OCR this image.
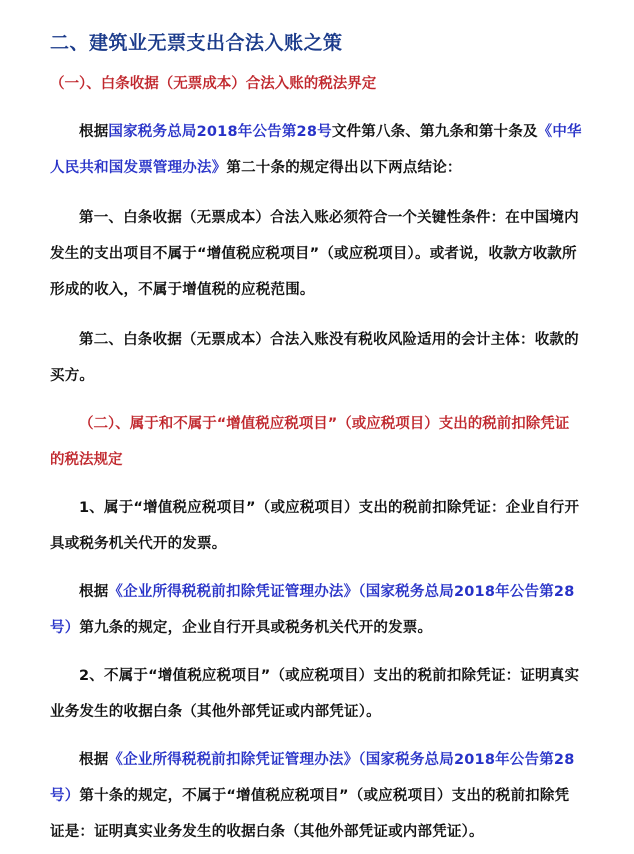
二、建筑业无票支出合法入账之策
（一）、白条收据（无票成本）合法入账的税法界定
根据国家税务总局2018年公告第28号文件第八条、第九条和第十条及《中华人民共和国发票管理办法》第二十条的规定得出以下两点结论：
第一、白条收据（无票成本）合法入账必须符合一个关键性条件：在中国境内发生的支出项目不属于“增值税应税项目”（或应税项目）。或者说，收款方收款所形成的收入，不属于增值税的应税范围。
第二、白条收据（无票成本）合法入账没有税收风险适用的会计主体：收款的买方。
（二）、属于和不属于“增值税应税项目”（或应税项目）支出的税前扣除凭证的税法规定
1、属于“增值税应税项目”（或应税项目）支出的税前扣除凭证：企业自行开具或税务机关代开的发票。
根据《企业所得税税前扣除凭证管理办法》（国家税务总局2018年公告第28号）第九条的规定，企业自行开具或税务机关代开的发票。
2、不属于“增值税应税项目”（或应税项目）支出的税前扣除凭证：证明真实业务发生的收据白条（其他外部凭证或内部凭证）。
根据《企业所得税税前扣除凭证管理办法》（国家税务总局2018年公告第28号）第十条的规定，不属于“增值税应税项目”（或应税项目）支出的税前扣除凭证是：证明真实业务发生的收据白条（其他外部凭证或内部凭证）。
